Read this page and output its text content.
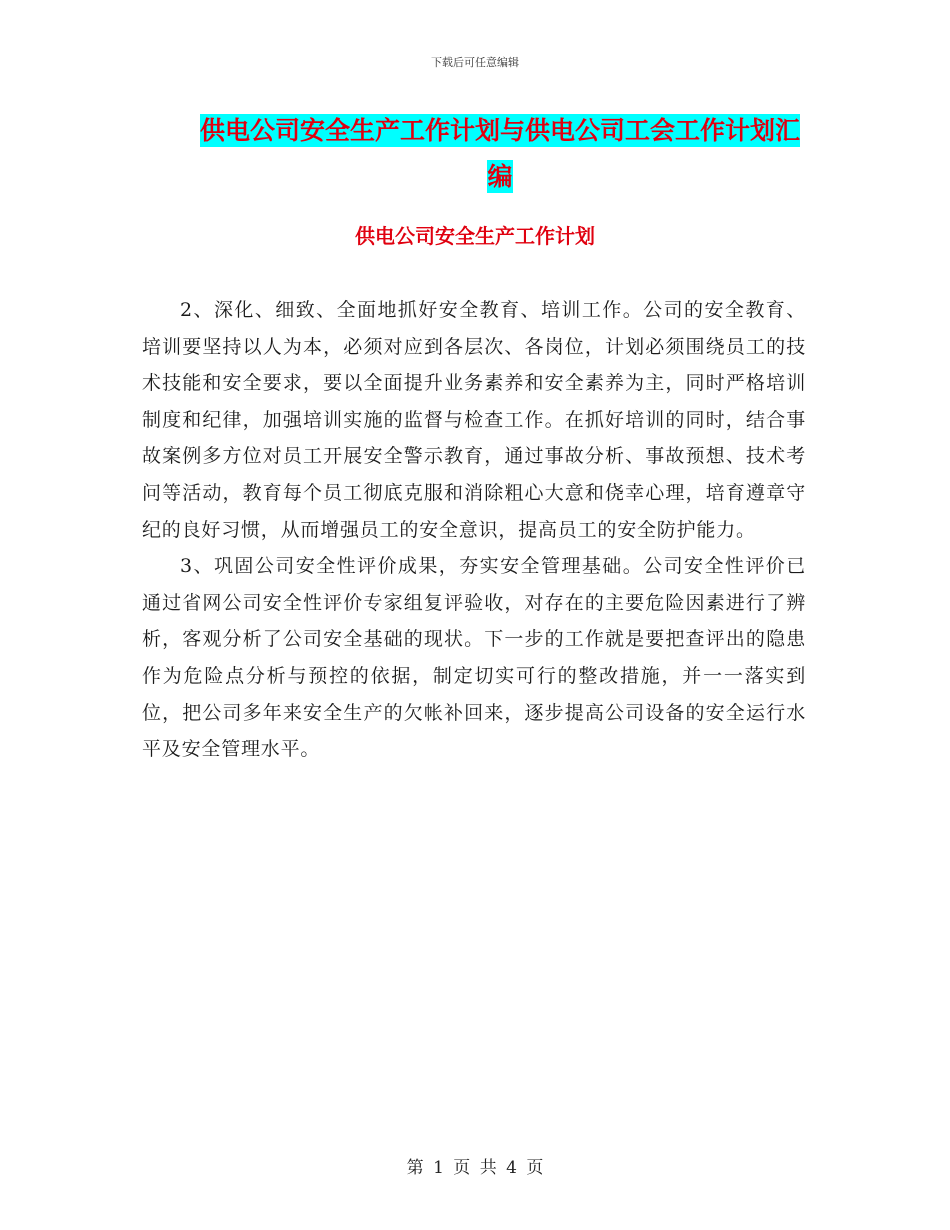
下载后可任意编辑
供电公司安全生产工作计划与供电公司工会工作计划汇编
供电公司安全生产工作计划

2、深化、细致、全面地抓好安全教育、培训工作。公司的安全教育、培训要坚持以人为本，必须对应到各层次、各岗位，计划必须围绕员工的技术技能和安全要求，要以全面提升业务素养和安全素养为主，同时严格培训制度和纪律，加强培训实施的监督与检查工作。在抓好培训的同时，结合事故案例多方位对员工开展安全警示教育，通过事故分析、事故预想、技术考问等活动，教育每个员工彻底克服和消除粗心大意和侥幸心理，培育遵章守纪的良好习惯，从而增强员工的安全意识，提高员工的安全防护能力。

3、巩固公司安全性评价成果，夯实安全管理基础。公司安全性评价已通过省网公司安全性评价专家组复评验收，对存在的主要危险因素进行了辨析，客观分析了公司安全基础的现状。下一步的工作就是要把查评出的隐患作为危险点分析与预控的依据，制定切实可行的整改措施，并一一落实到位，把公司多年来安全生产的欠帐补回来，逐步提高公司设备的安全运行水平及安全管理水平。

第 1 页 共 4 页
